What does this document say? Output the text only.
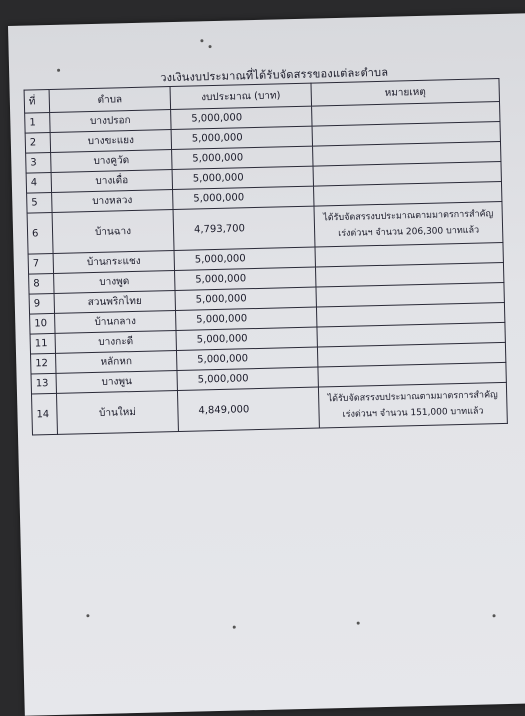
วงเงินงบประมาณที่ได้รับจัดสรรของแต่ละตำบล
ที่	ตำบล	งบประมาณ (บาท)	หมายเหตุ
1	บางปรอก	5,000,000	
2	บางขะแยง	5,000,000	
3	บางคูวัด	5,000,000	
4	บางเดื่อ	5,000,000	
5	บางหลวง	5,000,000	
6	บ้านฉาง	4,793,700	ได้รับจัดสรรงบประมาณตามมาตรการสำคัญ
เร่งด่วนฯ จำนวน 206,300 บาทแล้ว

7	บ้านกระแชง	5,000,000	
8	บางพูด	5,000,000	
9	สวนพริกไทย	5,000,000	
10	บ้านกลาง	5,000,000	
11	บางกะดี	5,000,000	
12	หลักหก	5,000,000	
13	บางพูน	5,000,000	
14	บ้านใหม่	4,849,000	ได้รับจัดสรรงบประมาณตามมาตรการสำคัญ
เร่งด่วนฯ จำนวน 151,000 บาทแล้ว
